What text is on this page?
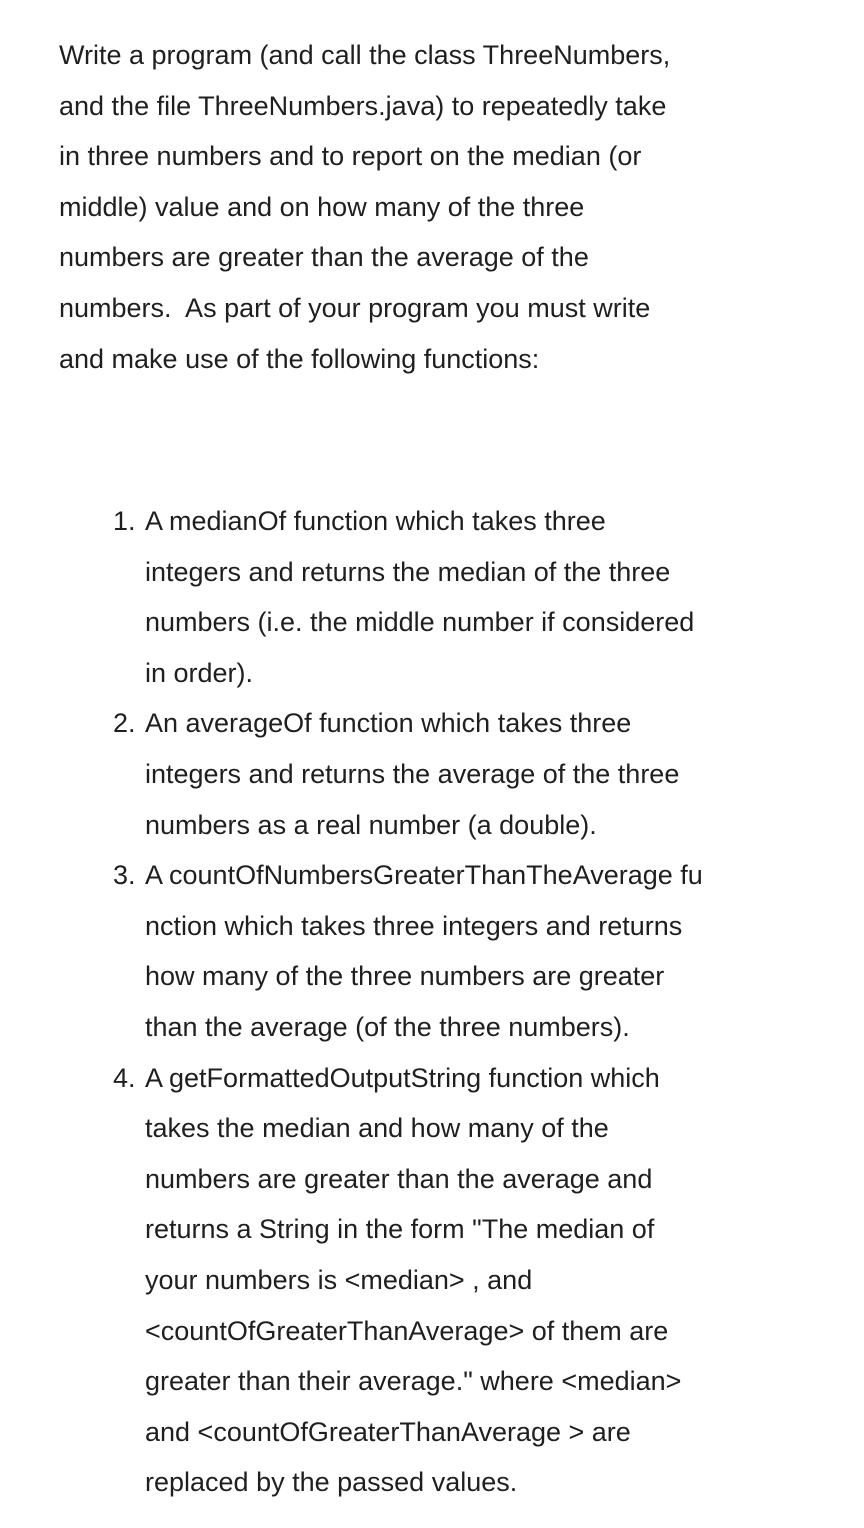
Write a program (and call the class ThreeNumbers,
and the file ThreeNumbers.java) to repeatedly take
in three numbers and to report on the median (or
middle) value and on how many of the three
numbers are greater than the average of the
numbers.  As part of your program you must write
and make use of the following functions:

1. A medianOf function which takes three
integers and returns the median of the three
numbers (i.e. the middle number if considered
in order).
2. An averageOf function which takes three
integers and returns the average of the three
numbers as a real number (a double).
3. A countOfNumbersGreaterThanTheAverage fu
nction which takes three integers and returns
how many of the three numbers are greater
than the average (of the three numbers).
4. A getFormattedOutputString function which
takes the median and how many of the
numbers are greater than the average and
returns a String in the form "The median of
your numbers is <median> , and
<countOfGreaterThanAverage> of them are
greater than their average." where <median>
and <countOfGreaterThanAverage > are
replaced by the passed values.
